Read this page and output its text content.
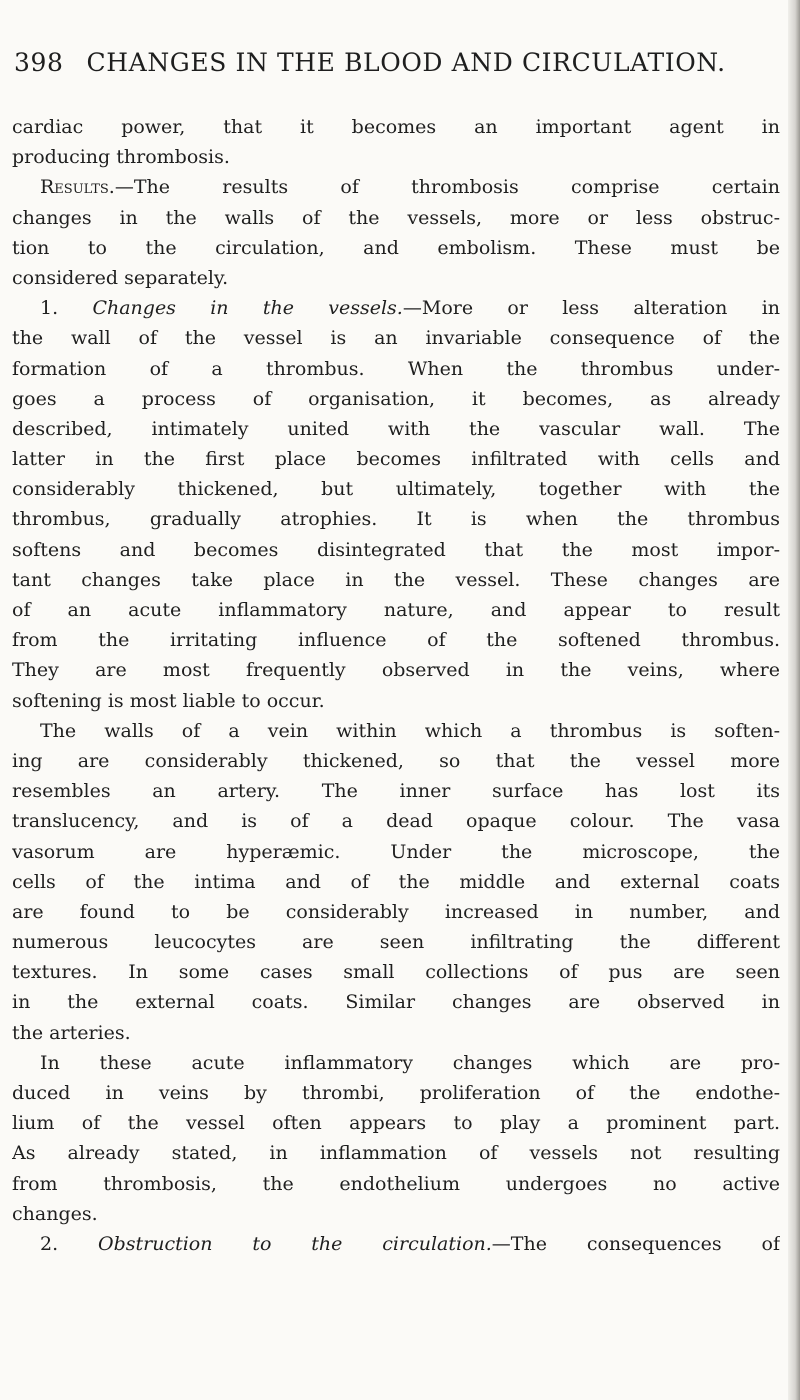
398 CHANGES IN THE BLOOD AND CIRCULATION.
cardiac power, that it becomes an important agent in
producing thrombosis.
Results.—The results of thrombosis comprise certain
changes in the walls of the vessels, more or less obstruc-
tion to the circulation, and embolism. These must be
considered separately.
1. Changes in the vessels.—More or less alteration in
the wall of the vessel is an invariable consequence of the
formation of a thrombus. When the thrombus under-
goes a process of organisation, it becomes, as already
described, intimately united with the vascular wall. The
latter in the first place becomes infiltrated with cells and
considerably thickened, but ultimately, together with the
thrombus, gradually atrophies. It is when the thrombus
softens and becomes disintegrated that the most impor-
tant changes take place in the vessel. These changes are
of an acute inflammatory nature, and appear to result
from the irritating influence of the softened thrombus.
They are most frequently observed in the veins, where
softening is most liable to occur.
The walls of a vein within which a thrombus is soften-
ing are considerably thickened, so that the vessel more
resembles an artery. The inner surface has lost its
translucency, and is of a dead opaque colour. The vasa
vasorum are hyperæmic. Under the microscope, the
cells of the intima and of the middle and external coats
are found to be considerably increased in number, and
numerous leucocytes are seen infiltrating the different
textures. In some cases small collections of pus are seen
in the external coats. Similar changes are observed in
the arteries.
In these acute inflammatory changes which are pro-
duced in veins by thrombi, proliferation of the endothe-
lium of the vessel often appears to play a prominent part.
As already stated, in inflammation of vessels not resulting
from thrombosis, the endothelium undergoes no active
changes.
2. Obstruction to the circulation.—The consequences of
